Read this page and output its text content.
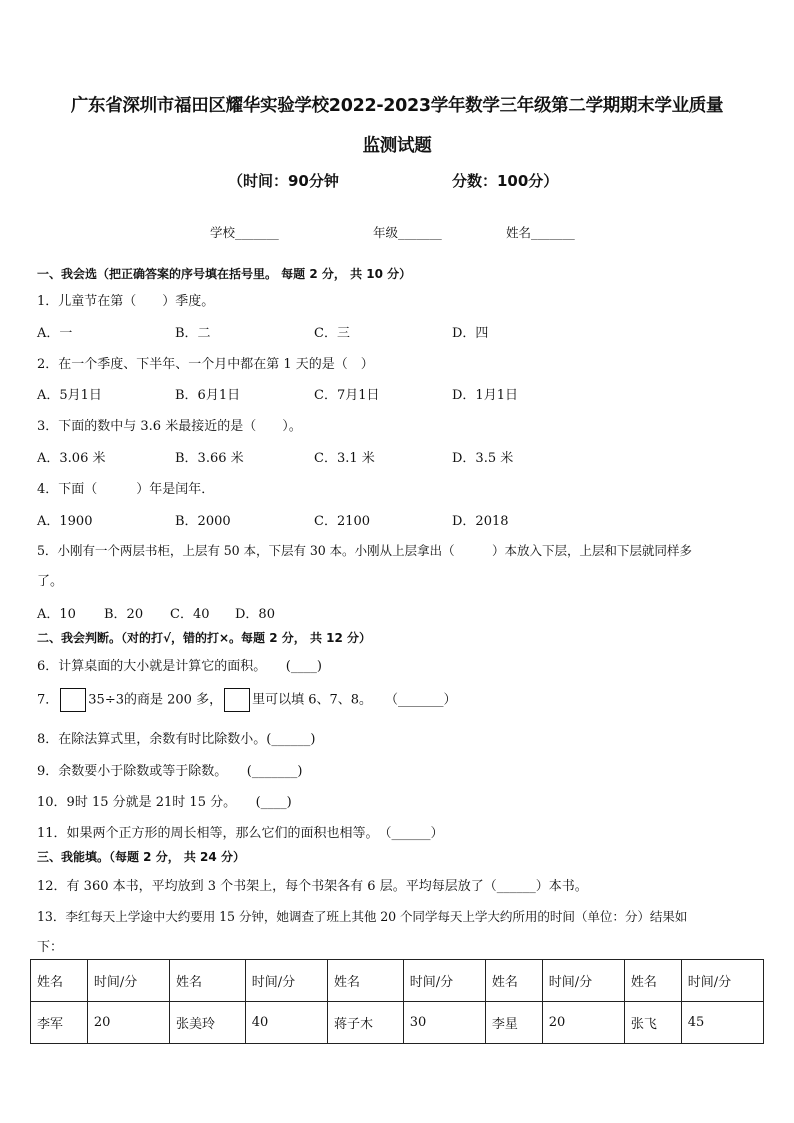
广东省深圳市福田区耀华实验学校2022-2023学年数学三年级第二学期期末学业质量
监测试题
（时间：90分钟	分数：100分）
学校_______	年级_______	姓名_______
一、我会选（把正确答案的序号填在括号里。 每题 2 分， 共 10 分）
1．儿童节在第（　　）季度。
A．一	B．二	C．三	D．四
2．在一个季度、下半年、一个月中都在第 1 天的是（　）
A．5月1日	B．6月1日	C．7月1日	D．1月1日
3．下面的数中与 3.6 米最接近的是（　　）。
A．3.06 米	B．3.66 米	C．3.1 米	D．3.5 米
4．下面（　　　）年是闰年．
A．1900	B．2000	C．2100	D．2018
5．小刚有一个两层书柜，上层有 50 本，下层有 30 本。小刚从上层拿出（　　　）本放入下层，上层和下层就同样多
了。
A．10 B．20 C．40 D．80
二、我会判断。（对的打√，错的打×。每题 2 分， 共 12 分）
6．计算桌面的大小就是计算它的面积。　　(____)
7． 35÷3的商是 200 多， 里可以填 6、7、8。　　（_______）
8．在除法算式里，余数有时比除数小。(______)
9．余数要小于除数或等于除数。　　(_______)
10．9时 15 分就是 21时 15 分。　　(____)
11．如果两个正方形的周长相等，那么它们的面积也相等。　（______）
三、我能填。（每题 2 分， 共 24 分）
12．有 360 本书，平均放到 3 个书架上，每个书架各有 6 层。平均每层放了（______）本书。
13．李红每天上学途中大约要用 15 分钟，她调查了班上其他 20 个同学每天上学大约所用的时间（单位：分）结果如
下：
姓名	时间/分	姓名	时间/分	姓名	时间/分	姓名	时间/分	姓名	时间/分
李军	20	张美玲	40	蒋子木	30	李星	20	张飞	45
